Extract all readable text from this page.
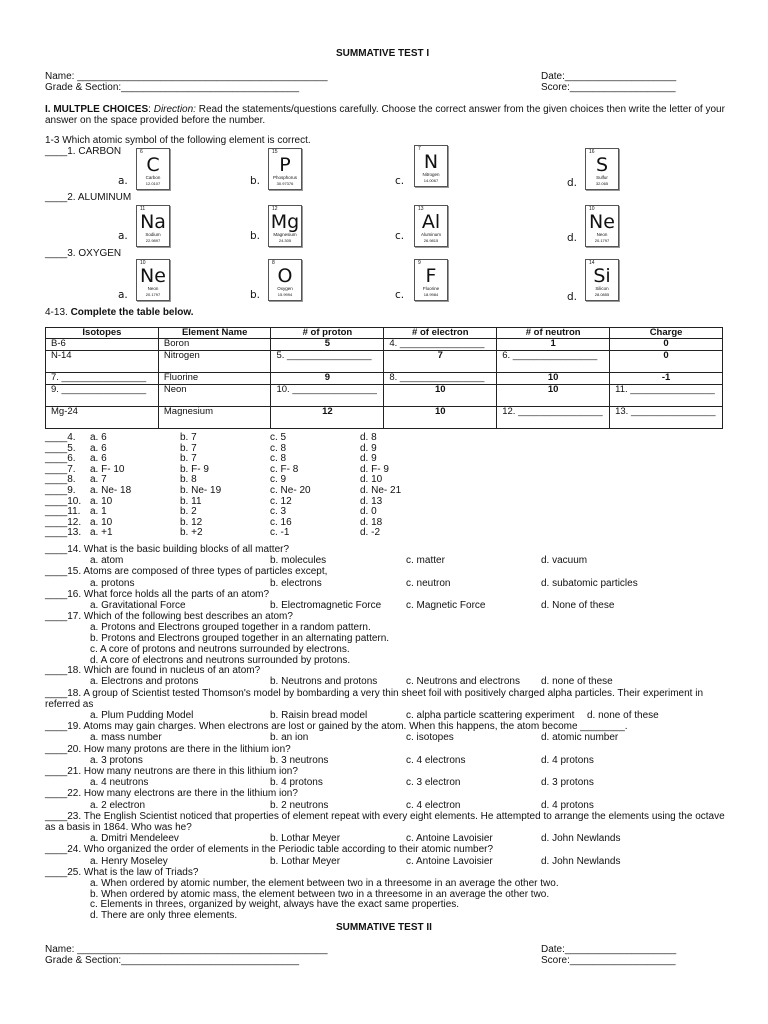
SUMMATIVE TEST I
Name: _____________________________________________
Grade & Section:________________________________
Date:____________________
Score:___________________
I. MULTPLE CHOICES: Direction: Read the statements/questions carefully. Choose the correct answer from the given choices then write the letter of your
answer on the space provided before the number.
1-3 Which atomic symbol of the following element is correct.
____1. CARBON
____2. ALUMINUM
____3. OXYGEN
a.
6
C
Carbon
12.0107	b.
15
P
Phosphorus
30.97376	c.
7
N
Nitrogen
14.0067	d.
16
S
Sulfur
32.065
a.
11
Na
Sodium
22.9897	b.
12
Mg
Magnesium
24.305	c.
13
Al
Aluminum
26.9815	d.
10
Ne
Neon
20.1797
a.
10
Ne
Neon
20.1797	b.
8
O
Oxygen
15.9994	c.
9
F
Fluorine
18.9984	d.
14
Si
Silicon
28.0855
4-13. Complete the table below.
Isotopes	Element Name	# of proton	# of electron	# of neutron	Charge
B-6	Boron	5	4. ________________	1	0
N-14	Nitrogen	5. ________________	7	6. ________________	0
7. ________________	Fluorine	9	8. ________________	10	-1
9. ________________	Neon	10. ________________	10	10	11. ________________
Mg-24	Magnesium	12	10	12. ________________	13. ________________
____4. a. 6	b. 7	c. 5	d. 8
____5. a. 6	b. 7	c. 8	d. 9
____6. a. 6	b. 7	c. 8	d. 9
____7. a. F- 10	b. F- 9	c. F- 8	d. F- 9
____8. a. 7	b. 8	c. 9	d. 10
____9. a. Ne- 18	b. Ne- 19	c. Ne- 20	d. Ne- 21
____10. a. 10	b. 11	c. 12	d. 13
____11. a. 1	b. 2	c. 3	d. 0
____12. a. 10	b. 12	c. 16	d. 18
____13. a. +1	b. +2	c. -1	d. -2
____14. What is the basic building blocks of all matter?
a. atom	b. molecules	c. matter	d. vacuum
____15. Atoms are composed of three types of particles except,
a. protons	b. electrons	c. neutron	d. subatomic particles
____16. What force holds all the parts of an atom?
a. Gravitational Force	b. Electromagnetic Force c. Magnetic Force	d. None of these
____17. Which of the following best describes an atom?
a. Protons and Electrons grouped together in a random pattern.
b. Protons and Electrons grouped together in an alternating pattern.
c. A core of protons and neutrons surrounded by electrons.
d. A core of electrons and neutrons surrounded by protons.
____18. Which are found in nucleus of an atom?
a. Electrons and protons	b. Neutrons and protons	c. Neutrons and electrons d. none of these
____18. A group of Scientist tested Thomson's model by bombarding a very thin sheet foil with positively charged alpha particles. Their experiment in
referred as
a. Plum Pudding Model	b. Raisin bread model	c. alpha particle scattering experiment d. none of these
____19. Atoms may gain charges. When electrons are lost or gained by the atom. When this happens, the atom become ________.
a. mass number	b. an ion	c. isotopes	d. atomic number
____20. How many protons are there in the lithium ion?
a. 3 protons	b. 3 neutrons	c. 4 electrons	d. 4 protons
____21. How many neutrons are there in this lithium ion?
a. 4 neutrons	b. 4 protons	c. 3 electron	d. 3 protons
____22. How many electrons are there in the lithium ion?
a. 2 electron	b. 2 neutrons	c. 4 electron	d. 4 protons
____23. The English Scientist noticed that properties of element repeat with every eight elements. He attempted to arrange the elements using the octave
as a basis in 1864. Who was he?
a. Dmitri Mendeleev	b. Lothar Meyer	c. Antoine Lavoisier	d. John Newlands
____24. Who organized the order of elements in the Periodic table according to their atomic number?
a. Henry Moseley	b. Lothar Meyer	c. Antoine Lavoisier	d. John Newlands
____25. What is the law of Triads?
a. When ordered by atomic number, the element between two in a threesome in an average the other two.
b. When ordered by atomic mass, the element between two in a threesome in an average the other two.
c. Elements in threes, organized by weight, always have the exact same properties.
d. There are only three elements.
SUMMATIVE TEST II
Name: _____________________________________________
Grade & Section:________________________________
Date:____________________
Score:___________________
